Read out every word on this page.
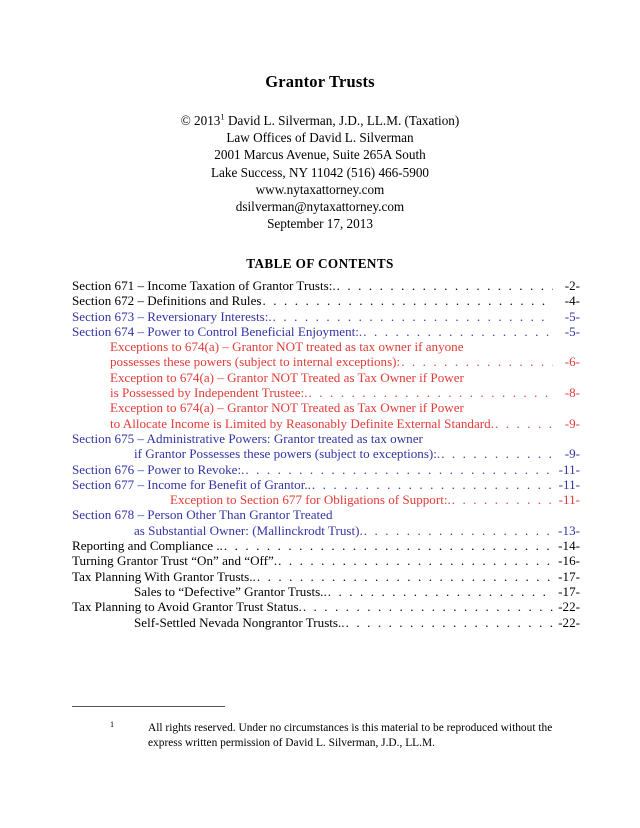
Grantor Trusts
© 2013$^1$ David L. Silverman, J.D., LL.M. (Taxation)
Law Offices of David L. Silverman
2001 Marcus Avenue, Suite 265A South
Lake Success, NY 11042 (516) 466-5900
www.nytaxattorney.com
dsilverman@nytaxattorney.com
September 17, 2013
TABLE OF CONTENTS
Section 671 – Income Taxation of Grantor Trusts:. . . .	-2-
Section 672 – Definitions and Rules . . .	-4-
Section 673 – Reversionary Interests:. . . .	-5-
Section 674 – Power to Control Beneficial Enjoyment:. . . .	-5-
Exceptions to 674(a) – Grantor NOT treated as tax owner if anyone
possesses these powers (subject to internal exceptions): . . .	-6-
Exception to 674(a) – Grantor NOT Treated as Tax Owner if Power
is Possessed by Independent Trustee:. . . .	-8-
Exception to 674(a) – Grantor NOT Treated as Tax Owner if Power
to Allocate Income is Limited by Reasonably Definite External Standard. . . .	-9-
Section 675 – Administrative Powers: Grantor treated as tax owner
if Grantor Possesses these powers (subject to exceptions):. . . .	-9-
Section 676 – Power to Revoke:. . . .	-11-
Section 677 – Income for Benefit of Grantor.. . . .	-11-
Exception to Section 677 for Obligations of Support:. . . .	-11-
Section 678 – Person Other Than Grantor Treated
as Substantial Owner: (Mallinckrodt Trust). . . .	-13-
Reporting and Compliance .. . . .	-14-
Turning Grantor Trust “On” and “Off”. . . .	-16-
Tax Planning With Grantor Trusts.. . . .	-17-
Sales to “Defective” Grantor Trusts.. . . .	-17-
Tax Planning to Avoid Grantor Trust Status. . . .	-22-
Self-Settled Nevada Nongrantor Trusts.. . . .	-22-
1	All rights reserved. Under no circumstances is this material to be reproduced without the express written permission of David L. Silverman, J.D., LL.M.
